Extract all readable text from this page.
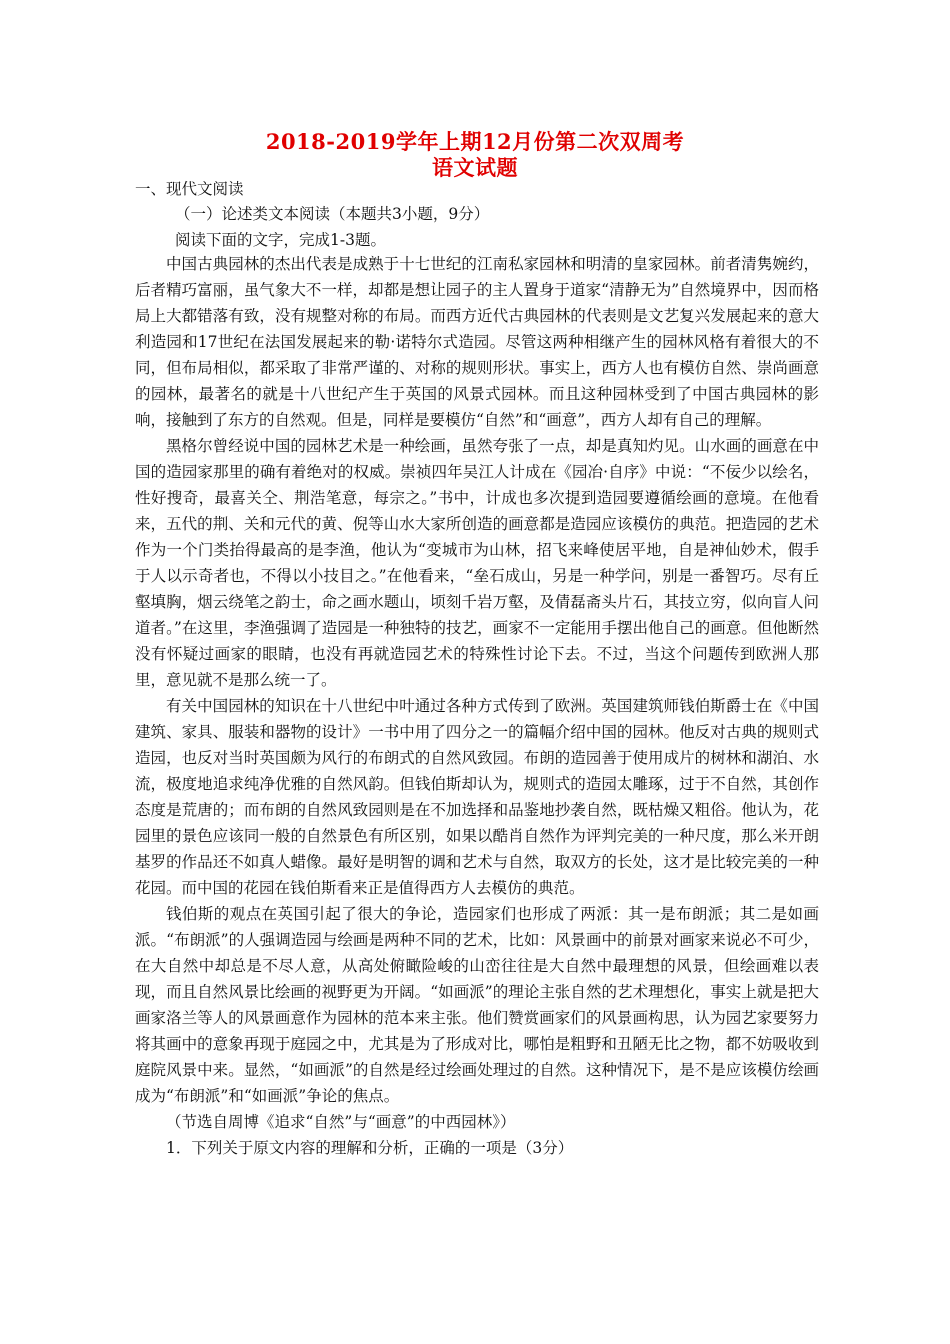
2018-2019学年上期12月份第二次双周考
语文试题
一、现代文阅读
（一）论述类文本阅读（本题共3小题，9分）
阅读下面的文字，完成1-3题。

中国古典园林的杰出代表是成熟于十七世纪的江南私家园林和明清的皇家园林。前者清隽婉约，后者精巧富丽，虽气象大不一样，却都是想让园子的主人置身于道家“清静无为”自然境界中，因而格局上大都错落有致，没有规整对称的布局。而西方近代古典园林的代表则是文艺复兴发展起来的意大利造园和17世纪在法国发展起来的勒·诺特尔式造园。尽管这两种相继产生的园林风格有着很大的不同，但布局相似，都采取了非常严谨的、对称的规则形状。事实上，西方人也有模仿自然、崇尚画意的园林，最著名的就是十八世纪产生于英国的风景式园林。而且这种园林受到了中国古典园林的影响，接触到了东方的自然观。但是，同样是要模仿“自然”和“画意”，西方人却有自己的理解。

黑格尔曾经说中国的园林艺术是一种绘画，虽然夸张了一点，却是真知灼见。山水画的画意在中国的造园家那里的确有着绝对的权威。崇祯四年吴江人计成在《园冶·自序》中说：“不佞少以绘名，性好搜奇，最喜关仝、荆浩笔意，每宗之。”书中，计成也多次提到造园要遵循绘画的意境。在他看来，五代的荆、关和元代的黄、倪等山水大家所创造的画意都是造园应该模仿的典范。把造园的艺术作为一个门类抬得最高的是李渔，他认为“变城市为山林，招飞来峰使居平地，自是神仙妙术，假手于人以示奇者也，不得以小技目之。”在他看来，“垒石成山，另是一种学问，别是一番智巧。尽有丘壑填胸，烟云绕笔之韵士，命之画水题山，顷刻千岩万壑，及倩磊斋头片石，其技立穷，似向盲人问道者。”在这里，李渔强调了造园是一种独特的技艺，画家不一定能用手摆出他自己的画意。但他断然没有怀疑过画家的眼睛，也没有再就造园艺术的特殊性讨论下去。不过，当这个问题传到欧洲人那里，意见就不是那么统一了。

有关中国园林的知识在十八世纪中叶通过各种方式传到了欧洲。英国建筑师钱伯斯爵士在《中国建筑、家具、服装和器物的设计》一书中用了四分之一的篇幅介绍中国的园林。他反对古典的规则式造园，也反对当时英国颇为风行的布朗式的自然风致园。布朗的造园善于使用成片的树林和湖泊、水流，极度地追求纯净优雅的自然风韵。但钱伯斯却认为，规则式的造园太雕琢，过于不自然，其创作态度是荒唐的；而布朗的自然风致园则是在不加选择和品鉴地抄袭自然，既枯燥又粗俗。他认为，花园里的景色应该同一般的自然景色有所区别，如果以酷肖自然作为评判完美的一种尺度，那么米开朗基罗的作品还不如真人蜡像。最好是明智的调和艺术与自然，取双方的长处，这才是比较完美的一种花园。而中国的花园在钱伯斯看来正是值得西方人去模仿的典范。

钱伯斯的观点在英国引起了很大的争论，造园家们也形成了两派：其一是布朗派；其二是如画派。“布朗派”的人强调造园与绘画是两种不同的艺术，比如：风景画中的前景对画家来说必不可少，在大自然中却总是不尽人意，从高处俯瞰险峻的山峦往往是大自然中最理想的风景，但绘画难以表现，而且自然风景比绘画的视野更为开阔。“如画派”的理论主张自然的艺术理想化，事实上就是把大画家洛兰等人的风景画意作为园林的范本来主张。他们赞赏画家们的风景画构思，认为园艺家要努力将其画中的意象再现于庭园之中，尤其是为了形成对比，哪怕是粗野和丑陋无比之物，都不妨吸收到庭院风景中来。显然，“如画派”的自然是经过绘画处理过的自然。这种情况下，是不是应该模仿绘画成为“布朗派”和“如画派”争论的焦点。

（节选自周博《追求“自然”与“画意”的中西园林》）

1．下列关于原文内容的理解和分析，正确的一项是（3分）
